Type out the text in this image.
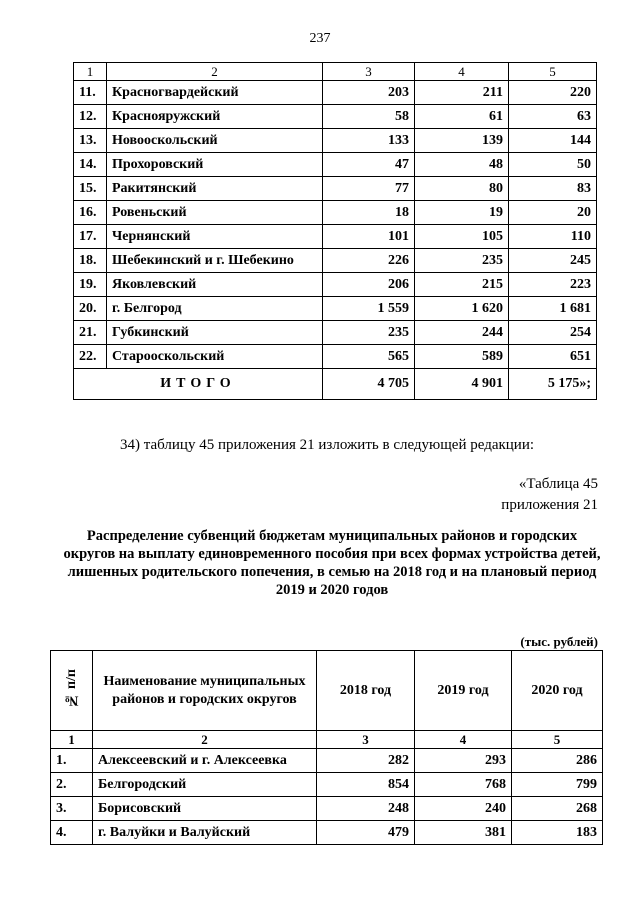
237
1	2	3	4	5
11.	Красногвардейский	203	211	220
12.	Краснояружский	58	61	63
13.	Новооскольский	133	139	144
14.	Прохоровский	47	48	50
15.	Ракитянский	77	80	83
16.	Ровеньский	18	19	20
17.	Чернянский	101	105	110
18.	Шебекинский и г. Шебекино	226	235	245
19.	Яковлевский	206	215	223
20.	г. Белгород	1 559	1 620	1 681
21.	Губкинский	235	244	254
22.	Старооскольский	565	589	651
ИТОГО		4 705	4 901	5 175»;
34) таблицу 45 приложения 21 изложить в следующей редакции:
«Таблица 45
приложения 21
Распределение субвенций бюджетам муниципальных районов и городских округов на выплату единовременного пособия при всех формах устройства детей, лишенных родительского попечения, в семью на 2018 год и на плановый период 2019 и 2020 годов
(тыс. рублей)
№ п/п	Наименование муниципальных районов и городских округов	2018 год	2019 год	2020 год
1	2	3	4	5
1.	Алексеевский и г. Алексеевка	282	293	286
2.	Белгородский	854	768	799
3.	Борисовский	248	240	268
4.	г. Валуйки и Валуйский	479	381	183
